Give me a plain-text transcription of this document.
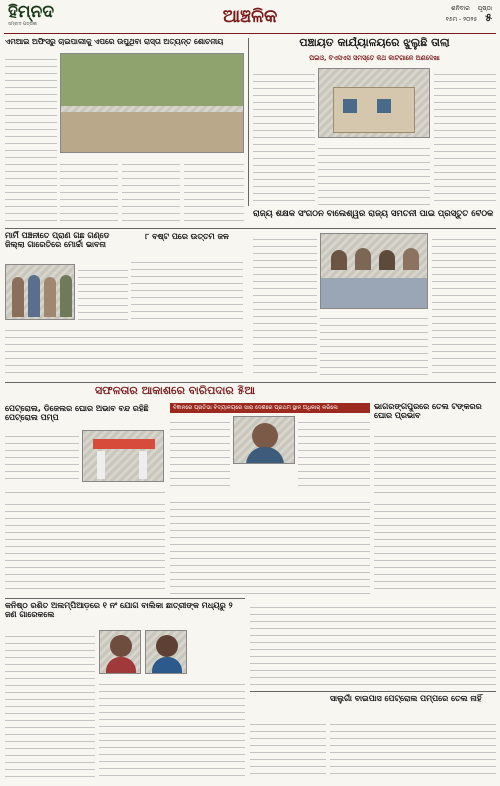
ହିମ୍ନଦ
ସମ୍ବାଦ ପତ୍ରିକା	ଆଞ୍ଚଳିକ	ଶନିବାର ପୃଷ୍ଠା
୧୫ମ - ୨୦୨୫ ୫
ଏମଆଇ ଅଫିସରୁ ଚାଇପାଲୀକୁ ଏପରେ ଉପୁଥିବା ରାସ୍ତା ଅତ୍ୟନ୍ତ ଶୋଚନୀୟ	ପଞ୍ଚାୟତ କାର୍ଯ୍ୟାଳୟରେ ଝୁଲୁଛି ତାଲା
ପିଇଓ, ବିଏସଏସ ସମସ୍ତେ କିଥ କାଟିଗାନେ ଅଣଦେଖା
ମାର୍ମି ପଞ୍ଚନୀତେ ପ୍ରାଣ ଗଛ ଗଣ୍ଡେ ଜିଲ୍ଲା ଗାରେତିରେ ମୋର୍ଚ୍ଚା ଭାବନା
୮ ବଷ୍ଟ ପରେ ଉତ୍ତମ ଜଳ
ରାଜ୍ୟ ଶିକ୍ଷକ ସଂଗଠନ ବାଲେଶ୍ୱର ରାଜ୍ୟ ସମିତିନୀ ପାଇଁ ପ୍ରସ୍ତୁତି ବୈଠକ
ସଫଳତାର ଆକାଶରେ ବାରିପଦାର ୫ିଆ
ବିଜ୍ଞାନରେ ପ୍ରତିଭା ବିଦ୍ୟାଳୟରେ ସାରା ଦେଶରେ ପ୍ରଥମ ସ୍ଥାନ ଅଧିକାର୍ କରିଲେ	ଭାଗରଙ୍ଗପୁରରେ ତେଲ ଟଙ୍କରର ଘୋର ପ୍ରଭାବ
ପେଟ୍ରୋଲ, ଡିଜେଲର ଘୋର ଅଭାବ ବନ୍ଦ ରହିଛି ପେଟ୍ରୋଲ ପମ୍ପ
କନିଷ୍ଠ ରଶିତ ଅଲମ୍ପିଆଡ଼ରେ ୧ ନଂ ଯୋଗ ବାଲିକା ଛାତ୍ରୀଙ୍କ ମଧ୍ୟରୁ ୨ ଜଣ ଗାରେକଲେ
ସାଲୁଗାଁ ବାଇପାସ ପେଟ୍ରୋଲ ପମ୍ପରେ ତେଲ ନାହିଁ
